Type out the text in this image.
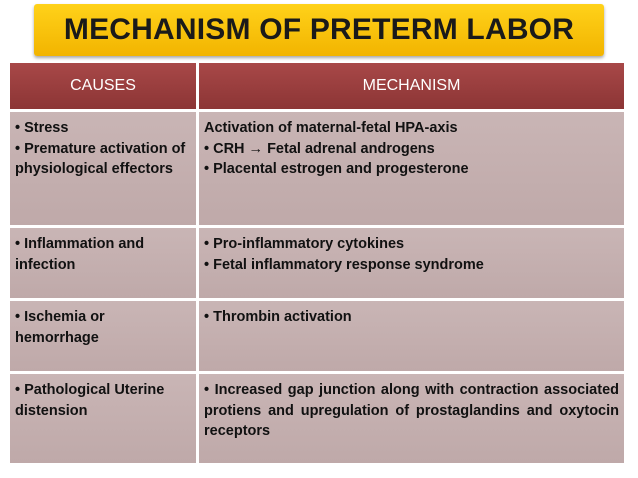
MECHANISM OF PRETERM LABOR
CAUSES	MECHANISM
• Stress
• Premature activation of physiological effectors
Activation of maternal-fetal HPA-axis
• CRH → Fetal adrenal androgens
• Placental estrogen and progesterone
• Inflammation and infection
• Pro-inflammatory cytokines
• Fetal inflammatory response syndrome
• Ischemia or hemorrhage
• Thrombin activation
• Pathological Uterine distension
• Increased gap junction along with contraction associated protiens and upregulation of prostaglandins and oxytocin receptors
